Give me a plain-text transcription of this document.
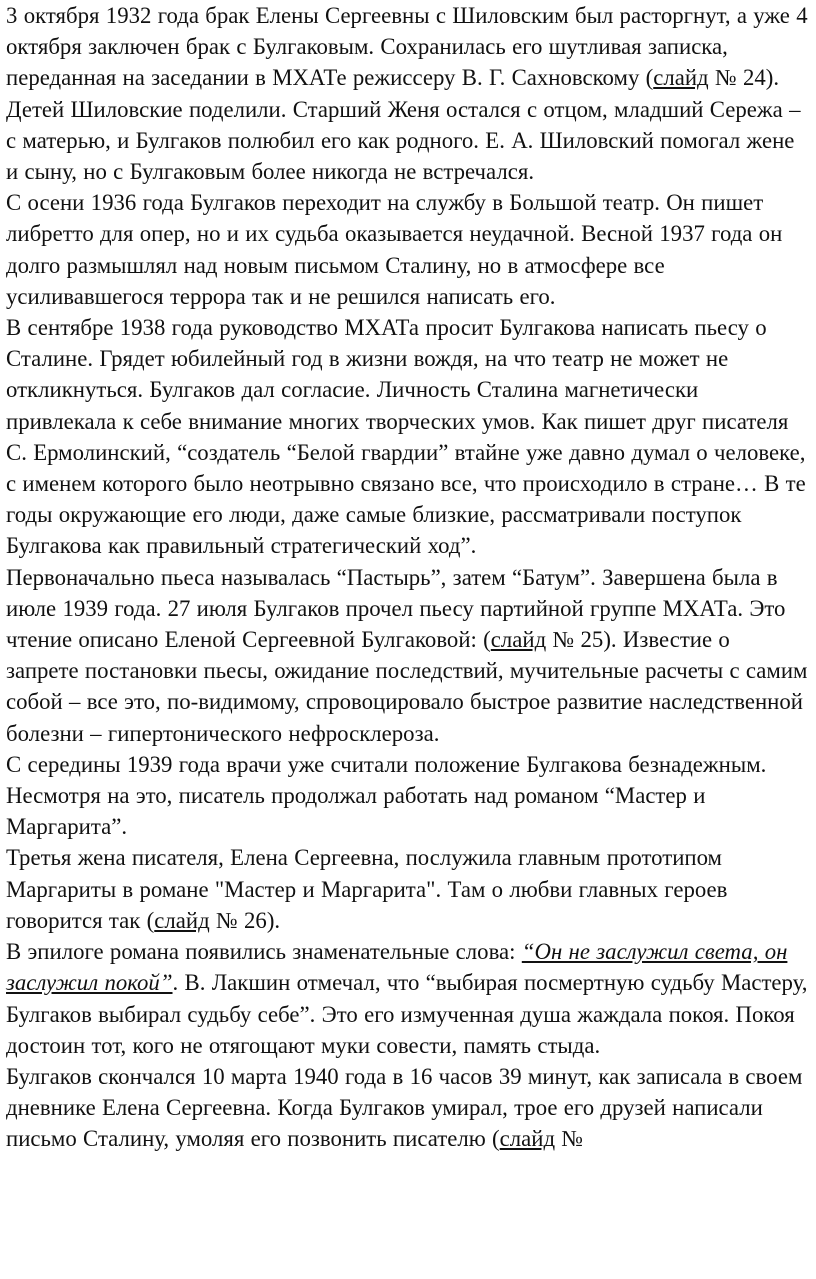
3 октября 1932 года брак Елены Сергеевны с Шиловским был расторгнут, а уже 4 октября заключен брак с Булгаковым. Сохранилась его шутливая записка, переданная на заседании в МХАТе режиссеру В. Г. Сахновскому (слайд № 24).

Детей Шиловские поделили. Старший Женя остался с отцом, младший Сережа – с матерью, и Булгаков полюбил его как родного. Е. А. Шиловский помогал жене и сыну, но с Булгаковым более никогда не встречался.

С осени 1936 года Булгаков переходит на службу в Большой театр. Он пишет либретто для опер, но и их судьба оказывается неудачной. Весной 1937 года он долго размышлял над новым письмом Сталину, но в атмосфере все усиливавшегося террора так и не решился написать его.

В сентябре 1938 года руководство МХАТа просит Булгакова написать пьесу о Сталине. Грядет юбилейный год в жизни вождя, на что театр не может не откликнуться. Булгаков дал согласие. Личность Сталина магнетически привлекала к себе внимание многих творческих умов. Как пишет друг писателя С. Ермолинский, “создатель “Белой гвардии” втайне уже давно думал о человеке, с именем которого было неотрывно связано все, что происходило в стране… В те годы окружающие его люди, даже самые близкие, рассматривали поступок Булгакова как правильный стратегический ход”.

Первоначально пьеса называлась “Пастырь”, затем “Батум”. Завершена была в июле 1939 года. 27 июля Булгаков прочел пьесу партийной группе МХАТа. Это чтение описано Еленой Сергеевной Булгаковой: (слайд № 25). Известие о запрете постановки пьесы, ожидание последствий, мучительные расчеты с самим собой – все это, по-видимому, спровоцировало быстрое развитие наследственной болезни – гипертонического нефросклероза.

С середины 1939 года врачи уже считали положение Булгакова безнадежным. Несмотря на это, писатель продолжал работать над романом “Мастер и Маргарита”.

Третья жена писателя, Елена Сергеевна, послужила главным прототипом Маргариты в романе "Мастер и Маргарита". Там о любви главных героев говорится так (слайд № 26).

В эпилоге романа появились знаменательные слова: “Он не заслужил света, он заслужил покой”. В. Лакшин отмечал, что “выбирая посмертную судьбу Мастеру, Булгаков выбирал судьбу себе”. Это его измученная душа жаждала покоя. Покоя достоин тот, кого не отягощают муки совести, память стыда.

Булгаков скончался 10 марта 1940 года в 16 часов 39 минут, как записала в своем дневнике Елена Сергеевна. Когда Булгаков умирал, трое его друзей написали письмо Сталину, умоляя его позвонить писателю (слайд №
